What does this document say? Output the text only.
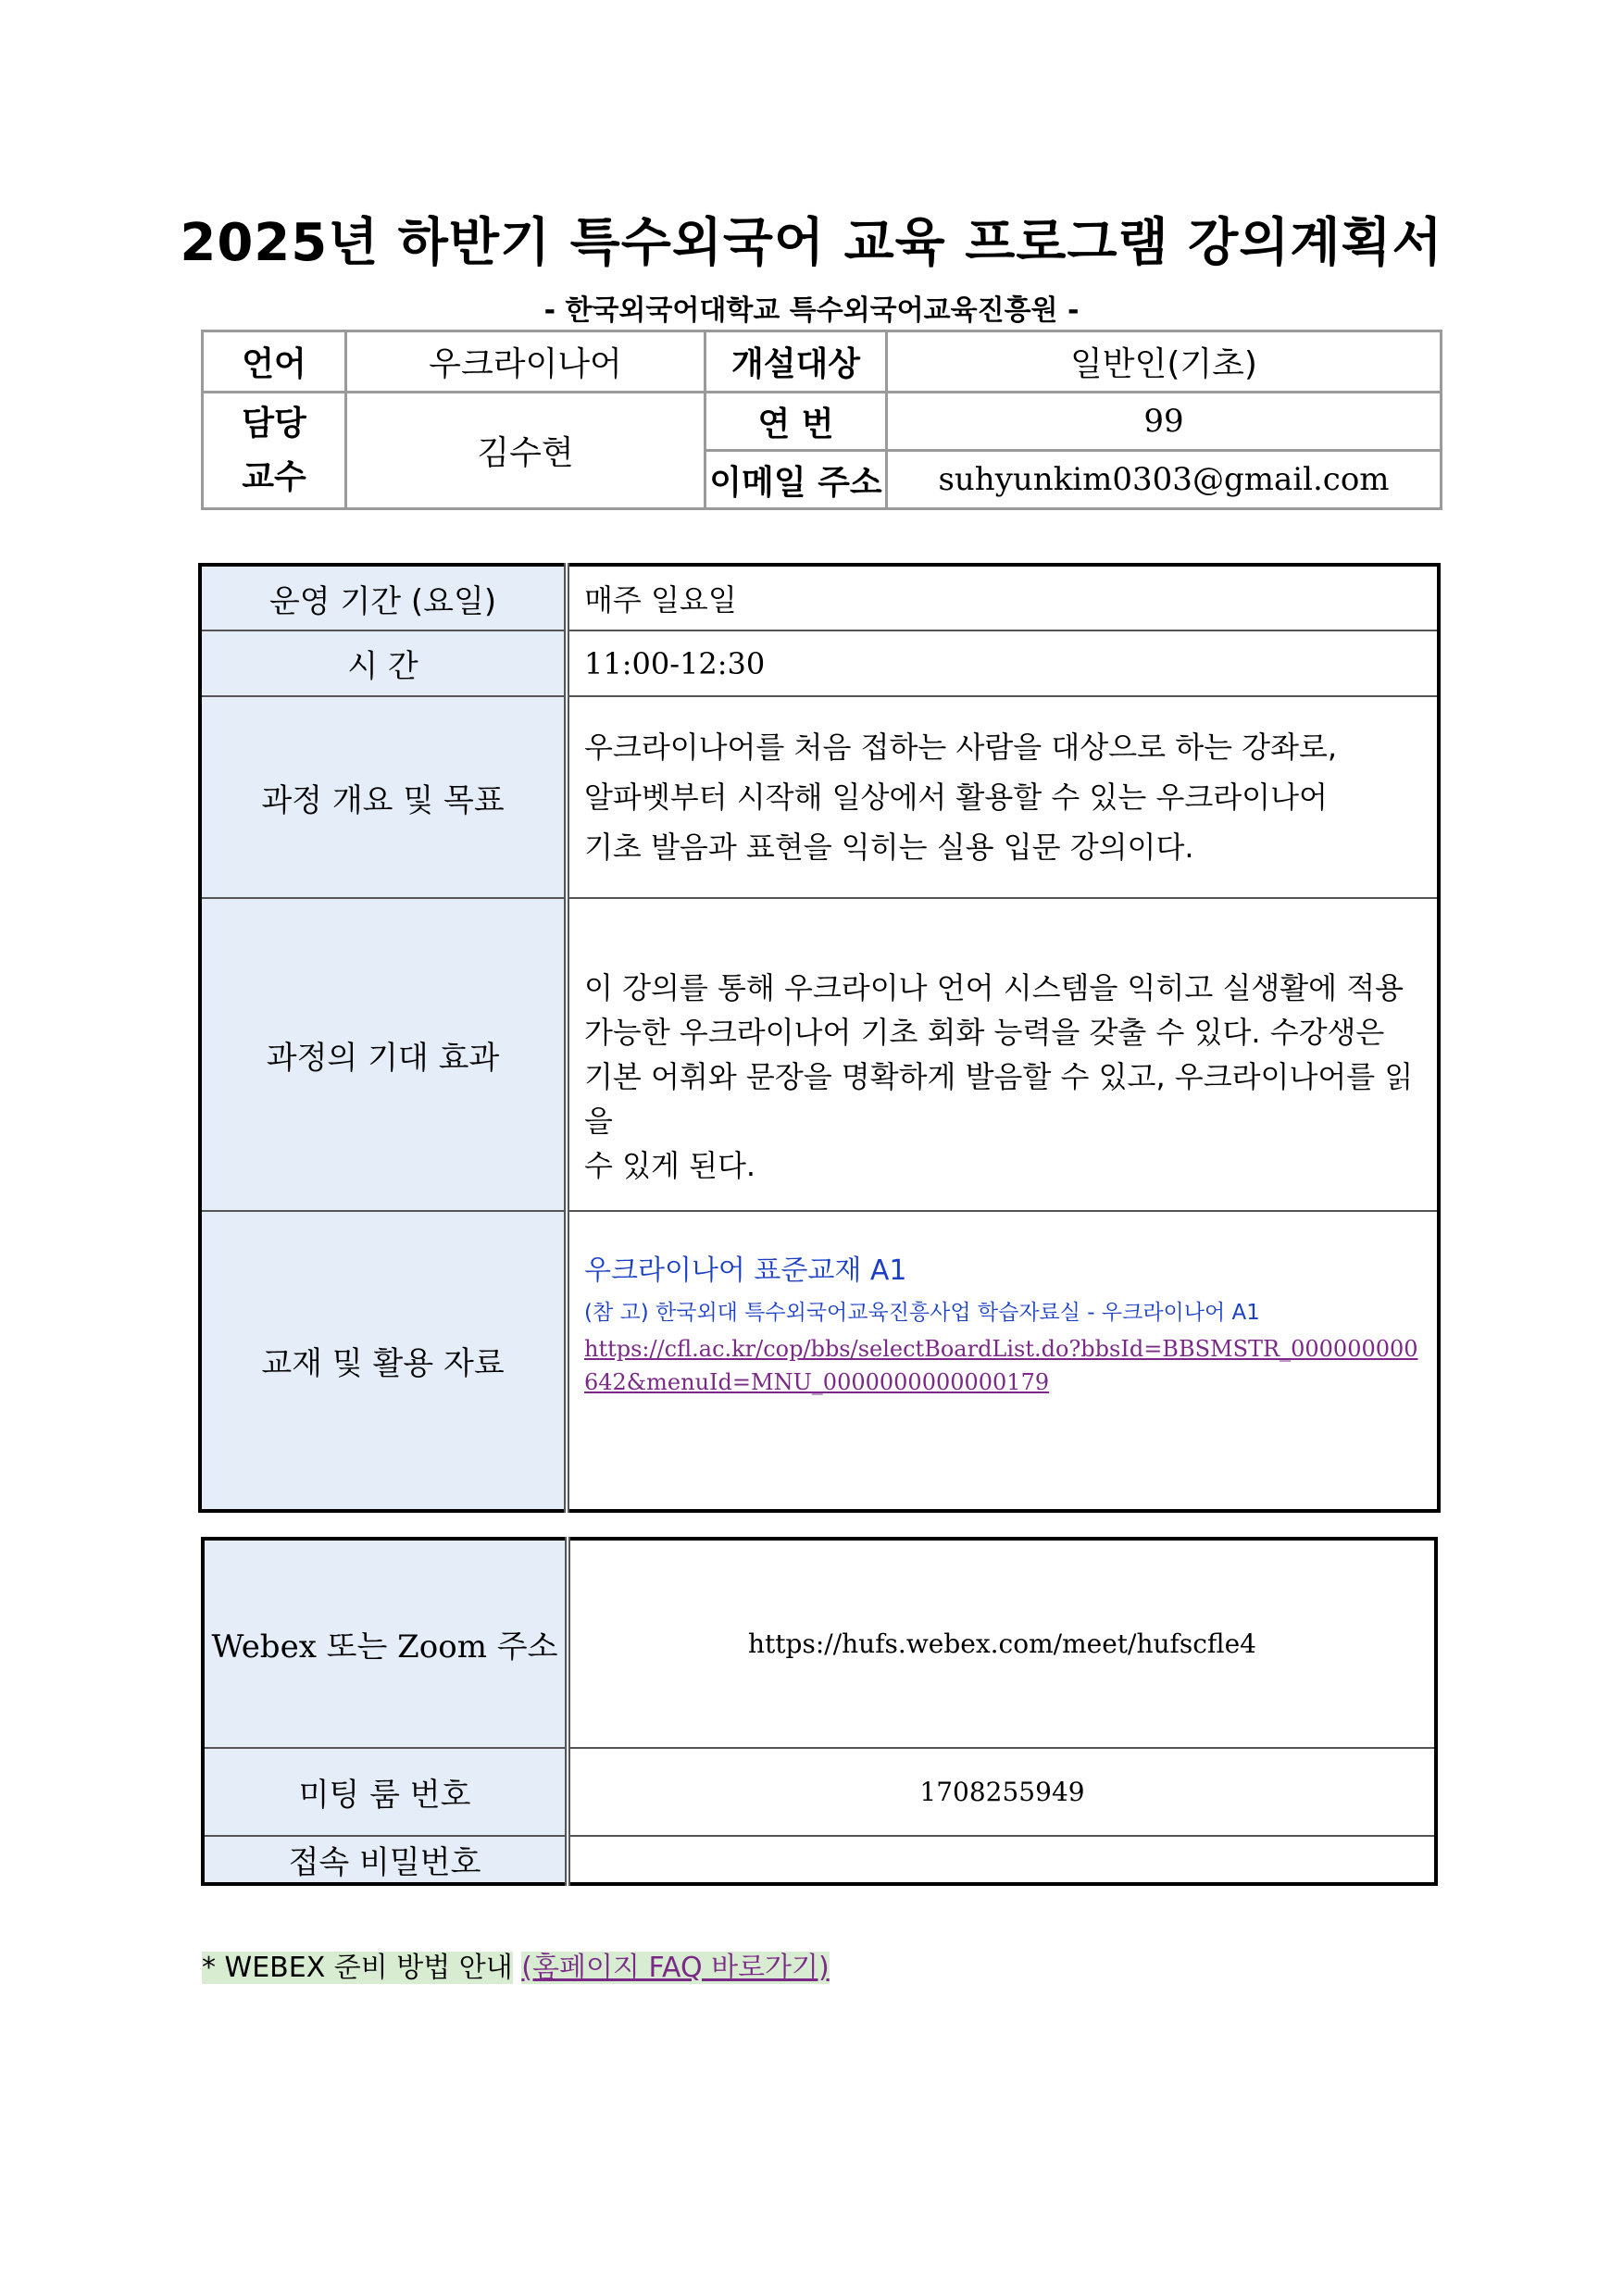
2025년 하반기 특수외국어 교육 프로그램 강의계획서
- 한국외국어대학교 특수외국어교육진흥원 -
언어	우크라이나어	개설대상	일반인(기초)

담당
교수	김수현	연 번	99
		이메일 주소	suhyunkim0303@gmail.com
운영 기간 (요일)	매주 일요일
시 간	11:00-12:30
과정 개요 및 목표	우크라이나어를 처음 접하는 사람을 대상으로 하는 강좌로,
알파벳부터 시작해 일상에서 활용할 수 있는 우크라이나어
기초 발음과 표현을 익히는 실용 입문 강의이다.

과정의 기대 효과	이 강의를 통해 우크라이나 언어 시스템을 익히고 실생활에 적용
가능한 우크라이나어 기초 회화 능력을 갖출 수 있다. 수강생은
기본 어휘와 문장을 명확하게 발음할 수 있고, 우크라이나어를 읽을
수 있게 된다.

교재 및 활용 자료	우크라이나어 표준교재 A1
(참 고) 한국외대 특수외국어교육진흥사업 학습자료실 - 우크라이나어 A1
https://cfl.ac.kr/cop/bbs/selectBoardList.do?bbsId=BBSMSTR_000000000642&menuId=MNU_0000000000000179
Webex 또는 Zoom 주소	https://hufs.webex.com/meet/hufscfle4
미팅 룸 번호	1708255949
접속 비밀번호	
* WEBEX 준비 방법 안내 (홈페이지 FAQ 바로가기)
